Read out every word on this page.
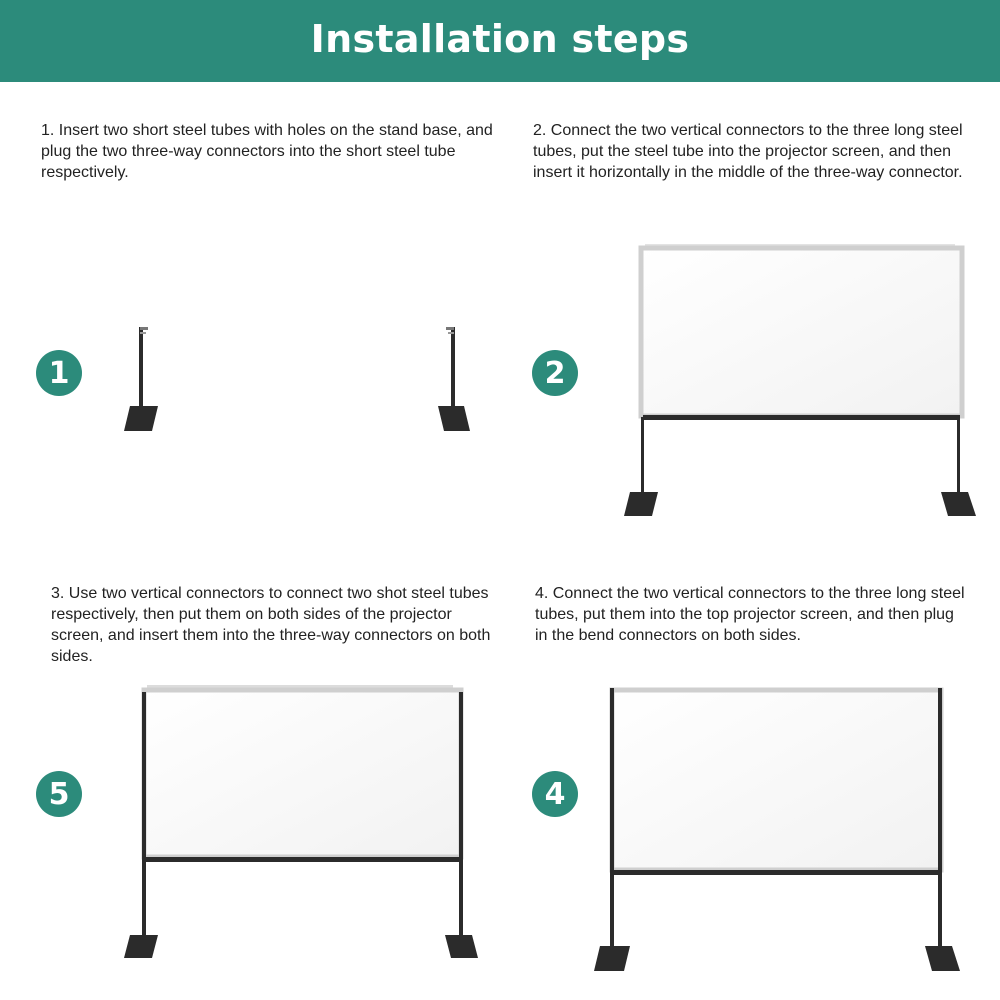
Installation steps
1. Insert two short steel tubes with holes on the stand base, and plug the two three-way connectors into the short steel tube respectively.
2. Connect the two vertical connectors to the three long steel tubes, put the steel tube into the projector screen, and then insert it horizontally in the middle of the three-way connector.
3. Use two vertical connectors to connect two shot steel tubes respectively, then put them on both sides of the projector screen, and insert them into the three-way connectors on both sides.
4. Connect the two vertical connectors to the three long steel tubes, put them into the top projector screen, and then plug in the bend connectors on both sides.
1	2
5	4
